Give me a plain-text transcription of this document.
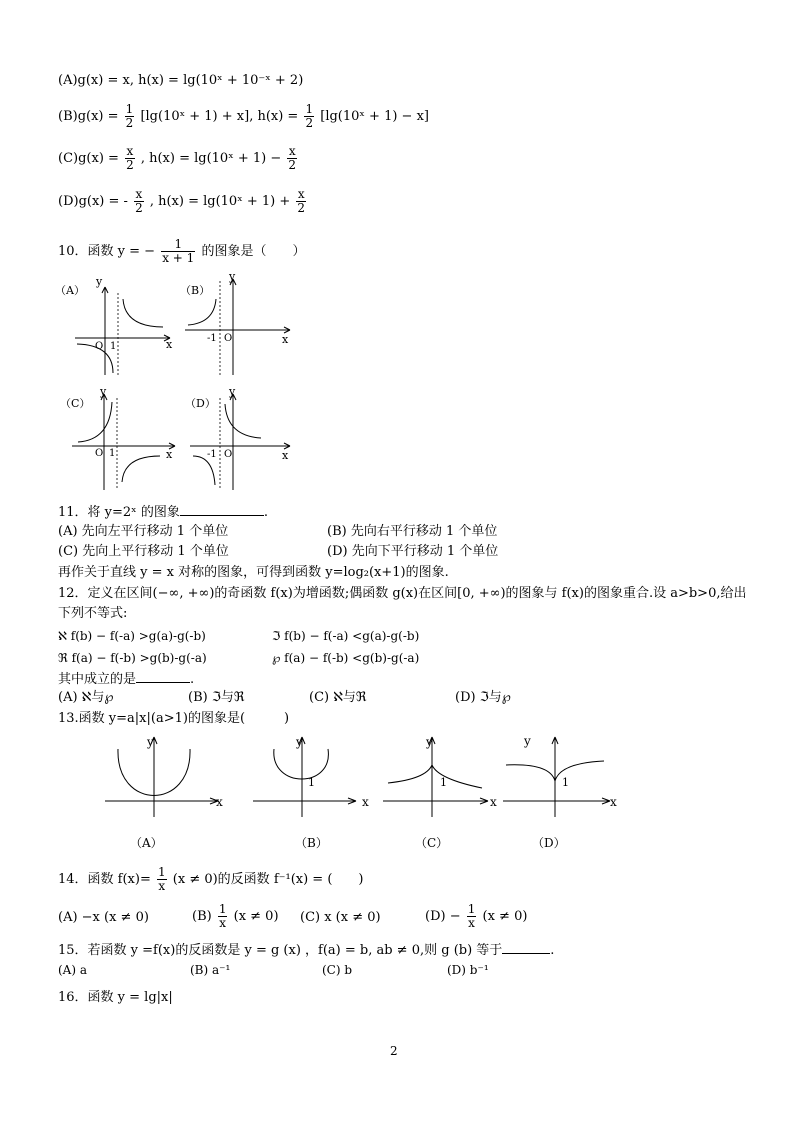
(A)g(x) = x, h(x) = lg(10ˣ + 10⁻ˣ + 2)
$(B)g(x) = \frac{1}{2}$ [lg(10ˣ + 1) + x], $h(x) = \frac{1}{2}$ [lg(10ˣ + 1) − x]
$(C)g(x) = \frac{x}{2}$ , h(x) = lg(10ˣ + $1) - \frac{x}{2}$
(D)g(x) = - $\frac{x}{2}$ , h(x) = lg(10ˣ + $1) + \frac{x}{2}$
10．函数 y = − $\frac{1}{x + 1}$ 的图象是（　　）
（A）
y
x
O 1
（B）
y
x
-1 O
（C）
y
x
O 1
（D）
y
x
-1 O
11．将 y=2ˣ 的图象	.
(A) 先向左平行移动 1 个单位	(B) 先向右平行移动 1 个单位
(C) 先向上平行移动 1 个单位	(D) 先向下平行移动 1 个单位
再作关于直线 y = x 对称的图象，可得到函数 y=log₂(x+1)的图象.
12．定义在区间(−∞, +∞)的奇函数 f(x)为增函数;偶函数 g(x)在区间[0, +∞)的图象与 f(x)的图象重合.设 a>b>0,给出
下列不等式:
ℵ f(b) − f(-a) >g(a)-g(-b)	ℑ f(b) − f(-a) <g(a)-g(-b)
ℜ f(a) − f(-b) >g(b)-g(-a)	℘ f(a) − f(-b) <g(b)-g(-a)
其中成立的是	.
(A) ℵ与℘	(B) ℑ与ℜ	(C) ℵ与ℜ	(D) ℑ与℘
13.函数 y=a|x|(a>1)的图象是(　　　)
y
x
（A）
y
1
x
（B）
y
1
x
（C）
y
1
x
（D）
14．函数 $f(x)= \frac{1}{x} (x \ne 0)$的反函数 f⁻¹(x) = (　　)
(A) −x (x ≠ 0)	$(B) \frac{1}{x} (x \ne 0)$ (C) x (x ≠ 0)	$(D) - \frac{1}{x} (x \ne 0)$
15．若函数 y =f(x)的反函数是 y = g (x) ，f(a) = b, ab ≠ 0,则 g (b) 等于	.
(A) a	(B) a⁻¹	(C) b	(D) b⁻¹
16．函数 y = lg|x|
2
